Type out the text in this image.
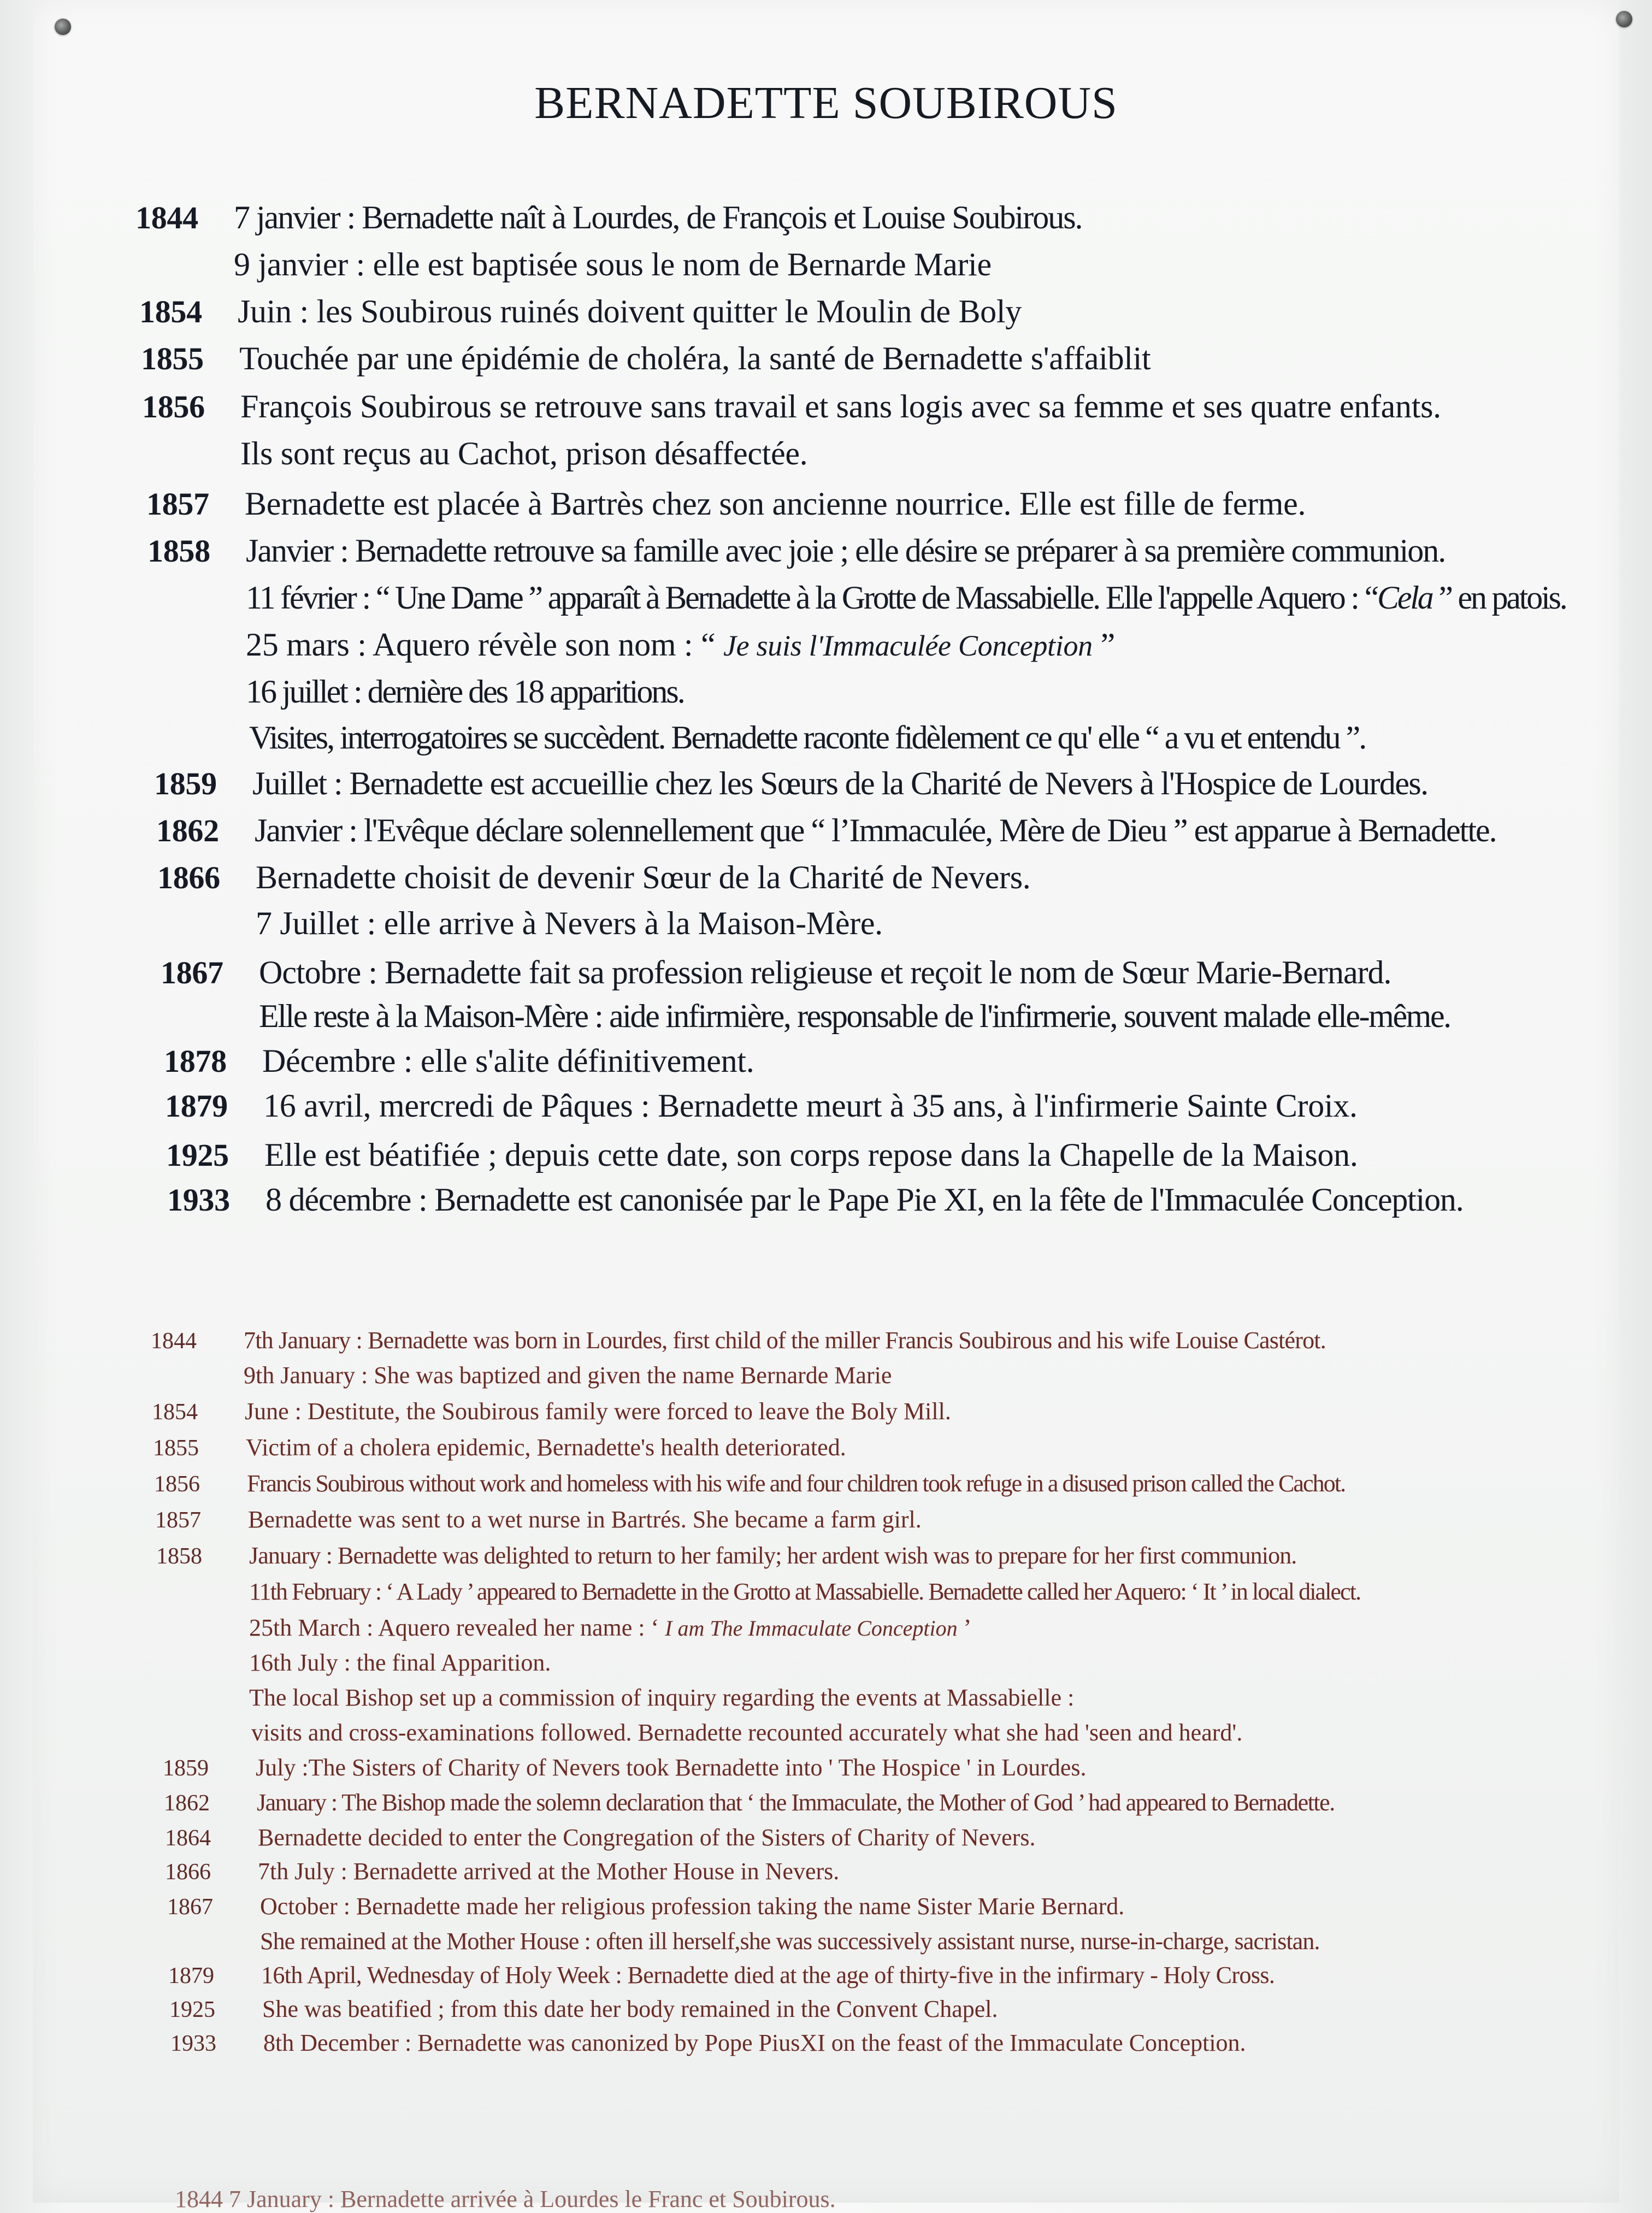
BERNADETTE SOUBIROUS
1844	7 janvier : Bernadette naît à Lourdes, de François et Louise Soubirous.
9 janvier : elle est baptisée sous le nom de Bernarde Marie
1854	Juin : les Soubirous ruinés doivent quitter le Moulin de Boly
1855	Touchée par une épidémie de choléra, la santé de Bernadette s'affaiblit
1856	François Soubirous se retrouve sans travail et sans logis avec sa femme et ses quatre enfants.
Ils sont reçus au Cachot, prison désaffectée.
1857	Bernadette est placée à Bartrès chez son ancienne nourrice. Elle est fille de ferme.
1858	Janvier : Bernadette retrouve sa famille avec joie ; elle désire se préparer à sa première communion.
11 février : “ Une Dame ” apparaît à Bernadette à la Grotte de Massabielle. Elle l'appelle Aquero : “Cela ” en patois.
25 mars : Aquero révèle son nom : “ Je suis l'Immaculée Conception ”
16 juillet : dernière des 18 apparitions.
Visites, interrogatoires se succèdent. Bernadette raconte fidèlement ce qu' elle “ a vu et entendu ”.
1859	Juillet : Bernadette est accueillie chez les Sœurs de la Charité de Nevers à l'Hospice de Lourdes.
1862	Janvier : l'Evêque déclare solennellement que “ l’Immaculée, Mère de Dieu ” est apparue à Bernadette.
1866	Bernadette choisit de devenir Sœur de la Charité de Nevers.
7 Juillet : elle arrive à Nevers à la Maison-Mère.
1867	Octobre : Bernadette fait sa profession religieuse et reçoit le nom de Sœur Marie-Bernard.
Elle reste à la Maison-Mère : aide infirmière, responsable de l'infirmerie, souvent malade elle-même.
1878	Décembre : elle s'alite définitivement.
1879	16 avril, mercredi de Pâques : Bernadette meurt à 35 ans, à l'infirmerie Sainte Croix.
1925	Elle est béatifiée ; depuis cette date, son corps repose dans la Chapelle de la Maison.
1933	8 décembre : Bernadette est canonisée par le Pape Pie XI, en la fête de l'Immaculée Conception.
1844	7th January : Bernadette was born in Lourdes, first child of the miller Francis Soubirous and his wife Louise Castérot.
9th January : She was baptized and given the name Bernarde Marie
1854	June : Destitute, the Soubirous family were forced to leave the Boly Mill.
1855	Victim of a cholera epidemic, Bernadette's health deteriorated.
1856	Francis Soubirous without work and homeless with his wife and four children took refuge in a disused prison called the Cachot.
1857	Bernadette was sent to a wet nurse in Bartrés. She became a farm girl.
1858	January : Bernadette was delighted to return to her family; her ardent wish was to prepare for her first communion.
11th February : ‘ A Lady ’ appeared to Bernadette in the Grotto at Massabielle. Bernadette called her Aquero: ‘ It ’ in local dialect.
25th March : Aquero revealed her name : ‘ I am The Immaculate Conception ’
16th July : the final Apparition.
The local Bishop set up a commission of inquiry regarding the events at Massabielle :
visits and cross-examinations followed. Bernadette recounted accurately what she had 'seen and heard'.
1859	July :The Sisters of Charity of Nevers took Bernadette into ' The Hospice ' in Lourdes.
1862	January : The Bishop made the solemn declaration that ‘ the Immaculate, the Mother of God ’ had appeared to Bernadette.
1864	Bernadette decided to enter the Congregation of the Sisters of Charity of Nevers.
1866	7th July : Bernadette arrived at the Mother House in Nevers.
1867	October : Bernadette made her religious profession taking the name Sister Marie Bernard.
She remained at the Mother House : often ill herself,she was successively assistant nurse, nurse-in-charge, sacristan.
1879	16th April, Wednesday of Holy Week : Bernadette died at the age of thirty-five in the infirmary - Holy Cross.
1925	She was beatified ; from this date her body remained in the Convent Chapel.
1933	8th December : Bernadette was canonized by Pope PiusXI on the feast of the Immaculate Conception.
1844 7 January : Bernadette arrivée à Lourdes le Franc et Soubirous.
